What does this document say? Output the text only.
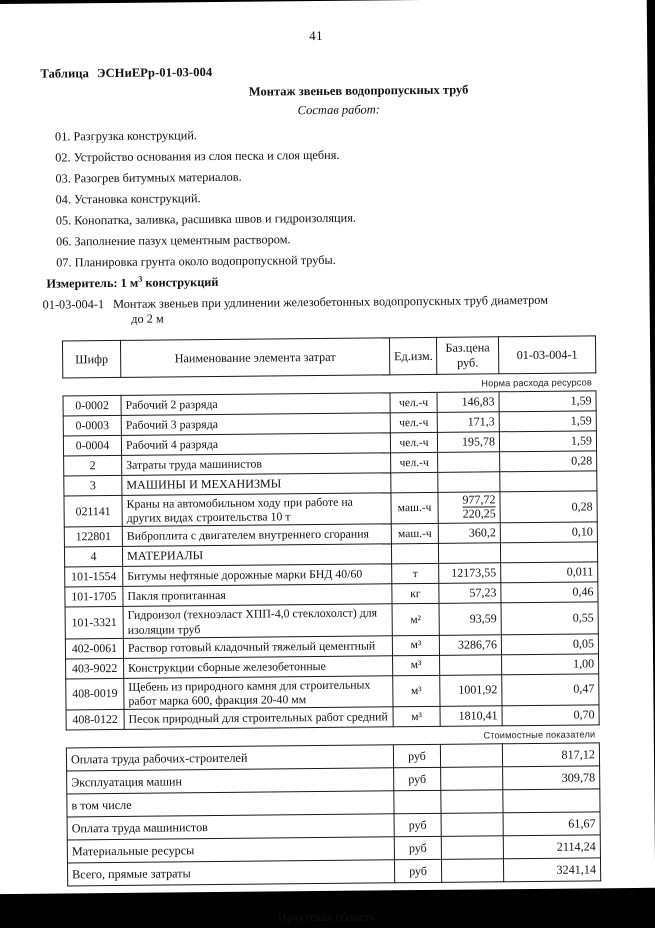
41
Таблица ЭСНиЕРр-01-03-004
Монтаж звеньев водопропускных труб
Состав работ:
01. Разгрузка конструкций.
02. Устройство основания из слоя песка и слоя щебня.
03. Разогрев битумных материалов.
04. Установка конструкций.
05. Конопатка, заливка, расшивка швов и гидроизоляция.
06. Заполнение пазух цементным раствором.
07. Планировка грунта около водопропускной трубы.
Измеритель: 1 $м^3$ конструкций
01-03-004-1 Монтаж звеньев при удлинении железобетонных водопропускных труб диаметром
до 2 м
Шифр	Наименование элемента затрат	Ед.изм.	Баз.цена
руб.	01-03-004-1
			Норма расхода ресурсов	
0-0002	Рабочий 2 разряда	чел.-ч	146,83	1,59
0-0003	Рабочий 3 разряда	чел.-ч	171,3	1,59
0-0004	Рабочий 4 разряда	чел.-ч	195,78	1,59
2	Затраты труда машинистов	чел.-ч		0,28
3	МАШИНЫ И МЕХАНИЗМЫ			
021141	Краны на автомобильном ходу при работе на других видах строительства 10 т	маш.-ч	$\frac{977,72}{220,25}$	0,28
122801	Виброплита с двигателем внутреннего сгорания	маш.-ч	360,2	0,10
4	МАТЕРИАЛЫ			
101-1554	Битумы нефтяные дорожные марки БНД 40/60	т	12173,55	0,011
101-1705	Пакля пропитанная	кг	57,23	0,46
101-3321	Гидроизол (техноэласт ХПП-4,0 стеклохолст) для изоляции труб	м²	93,59	0,55
402-0061	Раствор готовый кладочный тяжелый цементный	м³	3286,76	0,05
403-9022	Конструкции сборные железобетонные	м³		1,00
408-0019	Щебень из природного камня для строительных работ марка 600, фракция 20-40 мм	м³	1001,92	0,47
408-0122	Песок природный для строительных работ средний	м³	1810,41	0,70
			Стоимостные показатели	
Оплата труда рабочих-строителей		руб		817,12
Эксплуатация машин		руб		309,78
в том числе				
Оплата труда машинистов		руб		61,67
Материальные ресурсы		руб		2114,24
Всего, прямые затраты		руб		3241,14
Иркутская область
